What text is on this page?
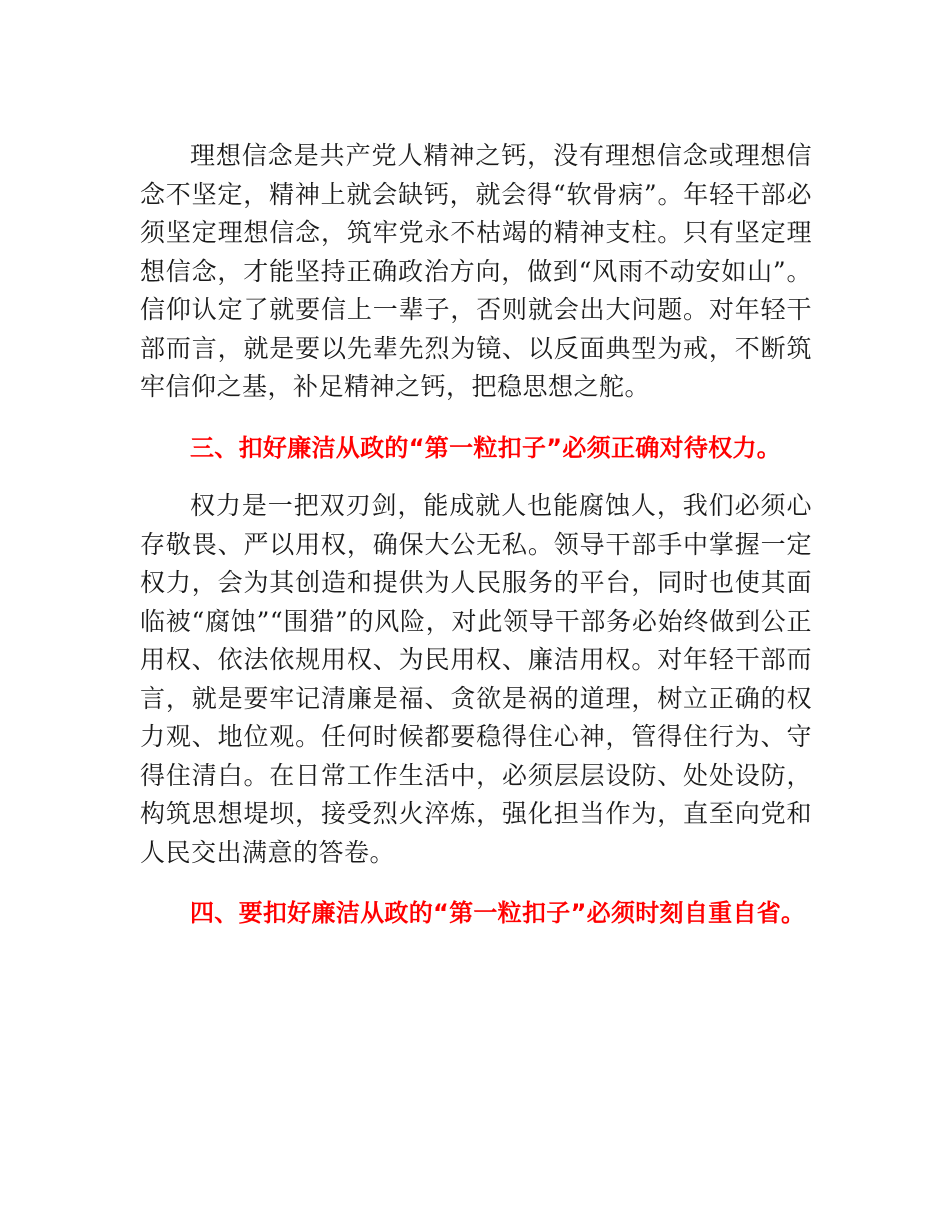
理想信念是共产党人精神之钙，没有理想信念或理想信念不坚定，精神上就会缺钙，就会得“软骨病”。年轻干部必须坚定理想信念，筑牢党永不枯竭的精神支柱。只有坚定理想信念，才能坚持正确政治方向，做到“风雨不动安如山”。信仰认定了就要信上一辈子，否则就会出大问题。对年轻干部而言，就是要以先辈先烈为镜、以反面典型为戒，不断筑牢信仰之基，补足精神之钙，把稳思想之舵。

三、扣好廉洁从政的“第一粒扣子”必须正确对待权力。

权力是一把双刃剑，能成就人也能腐蚀人，我们必须心存敬畏、严以用权，确保大公无私。领导干部手中掌握一定权力，会为其创造和提供为人民服务的平台，同时也使其面临被“腐蚀”“围猎”的风险，对此领导干部务必始终做到公正用权、依法依规用权、为民用权、廉洁用权。对年轻干部而言，就是要牢记清廉是福、贪欲是祸的道理，树立正确的权力观、地位观。任何时候都要稳得住心神，管得住行为、守得住清白。在日常工作生活中，必须层层设防、处处设防，构筑思想堤坝，接受烈火淬炼，强化担当作为，直至向党和人民交出满意的答卷。

四、要扣好廉洁从政的“第一粒扣子”必须时刻自重自省。
